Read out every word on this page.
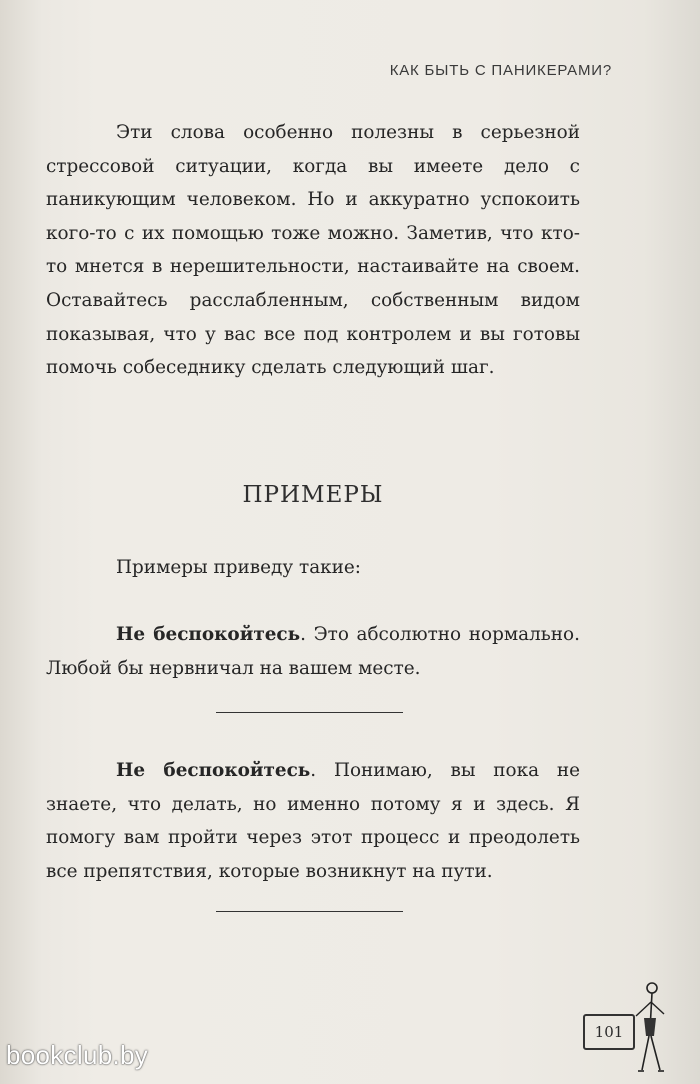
КАК БЫТЬ С ПАНИКЕРАМИ?

Эти слова особенно полезны в серьезной стрессовой ситуации, когда вы имеете дело с паникующим человеком. Но и аккуратно успокоить кого-то с их помощью тоже можно. Заметив, что кто-то мнется в нерешительности, настаивайте на своем. Оставайтесь расслабленным, собственным видом показывая, что у вас все под контролем и вы готовы помочь собеседнику сделать следующий шаг.

ПРИМЕРЫ

Примеры приведу такие:

Не беспокойтесь. Это абсолютно нормально. Любой бы нервничал на вашем месте.

Не беспокойтесь. Понимаю, вы пока не знаете, что делать, но именно потому я и здесь. Я помогу вам пройти через этот процесс и преодолеть все препятствия, которые возникнут на пути.

101
bookclub.by
